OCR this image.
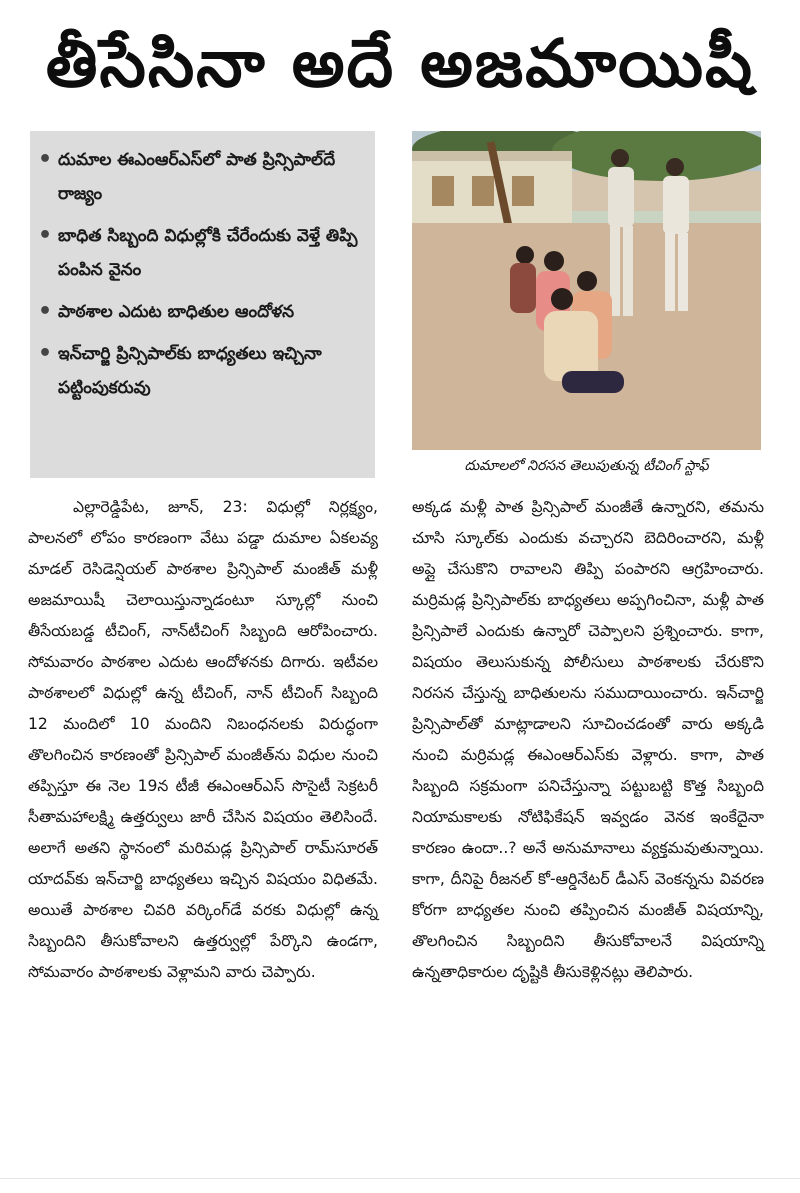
తీసేసినా అదే అజమాయిషీ
• దుమాల ఈఎంఆర్ఎస్‌లో పాత ప్రిన్సిపాల్‌దే రాజ్యం
• బాధిత సిబ్బంది విధుల్లోకి చేరేందుకు వెళ్తే తిప్పి పంపిన వైనం
• పాఠశాల ఎదుట బాధితుల ఆందోళన
• ఇన్‌చార్జి ప్రిన్సిపాల్‌కు బాధ్యతలు ఇచ్చినా పట్టింపుకరువు
దుమాలలో నిరసన తెలుపుతున్న టీచింగ్ స్టాఫ్

ఎల్లారెడ్డిపేట, జూన్, 23: విధుల్లో నిర్లక్ష్యం, పాలనలో లోపం కారణంగా వేటు పడ్డా దుమాల ఏకలవ్య మాడల్ రెసిడెన్షియల్ పాఠశాల ప్రిన్సిపాల్ మంజీత్ మళ్లీ అజమాయిషీ చెలాయిస్తున్నాడంటూ స్కూల్లో నుంచి తీసేయబడ్డ టీచింగ్, నాన్‌టీచింగ్ సిబ్బంది ఆరోపించారు. సోమవారం పాఠశాల ఎదుట ఆందోళనకు దిగారు. ఇటీవల పాఠశాలలో విధుల్లో ఉన్న టీచింగ్, నాన్ టీచింగ్ సిబ్బంది 12 మందిలో 10 మందిని నిబంధనలకు విరుద్ధంగా తొలగించిన కారణంతో ప్రిన్సిపాల్ మంజీత్‌ను విధుల నుంచి తప్పిస్తూ ఈ నెల 19న టీజీ ఈఎంఆర్ఎస్ సొసైటీ సెక్రటరీ సీతామహాలక్ష్మి ఉత్తర్వులు జారీ చేసిన విషయం తెలిసిందే. అలాగే అతని స్థానంలో మరిమడ్ల ప్రిన్సిపాల్ రామ్‌సూరత్ యాదవ్‌కు ఇన్‌చార్జి బాధ్యతలు ఇచ్చిన విషయం విధితమే. అయితే పాఠశాల చివరి వర్కింగ్‌డే వరకు విధుల్లో ఉన్న సిబ్బందిని తీసుకోవాలని ఉత్తర్వుల్లో పేర్కొని ఉండగా, సోమవారం పాఠశాలకు వెళ్లామని వారు చెప్పారు.

అక్కడ మళ్లీ పాత ప్రిన్సిపాల్ మంజీతే ఉన్నారని, తమను చూసి స్కూల్‌కు ఎందుకు వచ్చారని బెదిరించారని, మళ్లీ అప్లై చేసుకొని రావాలని తిప్పి పంపారని ఆగ్రహించారు. మర్రిమడ్ల ప్రిన్సిపాల్‌కు బాధ్యతలు అప్పగించినా, మళ్లీ పాత ప్రిన్సిపాలే ఎందుకు ఉన్నారో చెప్పాలని ప్రశ్నించారు. కాగా, విషయం తెలుసుకున్న పోలీసులు పాఠశాలకు చేరుకొని నిరసన చేస్తున్న బాధితులను సముదాయించారు. ఇన్‌చార్జి ప్రిన్సిపాల్‌తో మాట్లాడాలని సూచించడంతో వారు అక్కడి నుంచి మర్రిమడ్ల ఈఎంఆర్ఎస్‌కు వెళ్లారు. కాగా, పాత సిబ్బంది సక్రమంగా పనిచేస్తున్నా పట్టుబట్టి కొత్త సిబ్బంది నియామకాలకు నోటిఫికేషన్ ఇవ్వడం వెనక ఇంకేదైనా కారణం ఉందా..? అనే అనుమానాలు వ్యక్తమవుతున్నాయి. కాగా, దీనిపై రీజనల్ కో-ఆర్డినేటర్ డీఎస్ వెంకన్నను వివరణ కోరగా బాధ్యతల నుంచి తప్పించిన మంజీత్ విషయాన్ని, తొలగించిన సిబ్బందిని తీసుకోవాలనే విషయాన్ని ఉన్నతాధికారుల దృష్టికి తీసుకెళ్లినట్లు తెలిపారు.
